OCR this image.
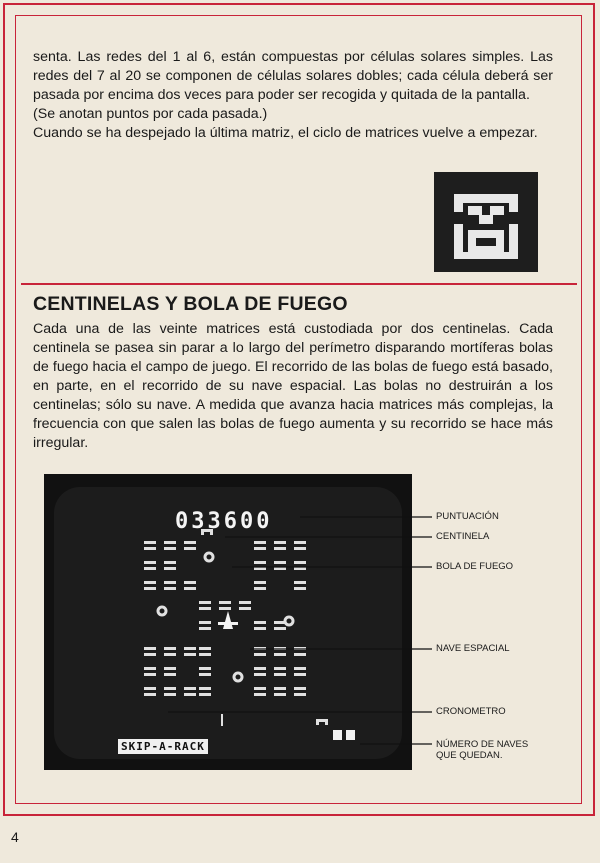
senta. Las redes del 1 al 6, están compuestas por células solares simples. Las redes del 7 al 20 se componen de células solares dobles; cada célula deberá ser pasada por encima dos veces para poder ser recogida y quitada de la pantalla.

(Se anotan puntos por cada pasada.)

Cuando se ha despejado la última matriz, el ciclo de matrices vuelve a empezar.

CENTINELAS Y BOLA DE FUEGO

Cada una de las veinte matrices está custodiada por dos centinelas. Cada centinela se pasea sin parar a lo largo del perímetro disparando mortíferas bolas de fuego hacia el campo de juego. El recorrido de las bolas de fuego está basado, en parte, en el recorrido de su nave espacial. Las bolas no destruirán a los centinelas; sólo su nave. A medida que avanza hacia matrices más complejas, la frecuencia con que salen las bolas de fuego aumenta y su recorrido se hace más irregular.

033600
SKIP-A-RACK
PUNTUACIÓN
CENTINELA
BOLA DE FUEGO
NAVE ESPACIAL
CRONOMETRO
NÚMERO DE NAVES QUE QUEDAN.
4
